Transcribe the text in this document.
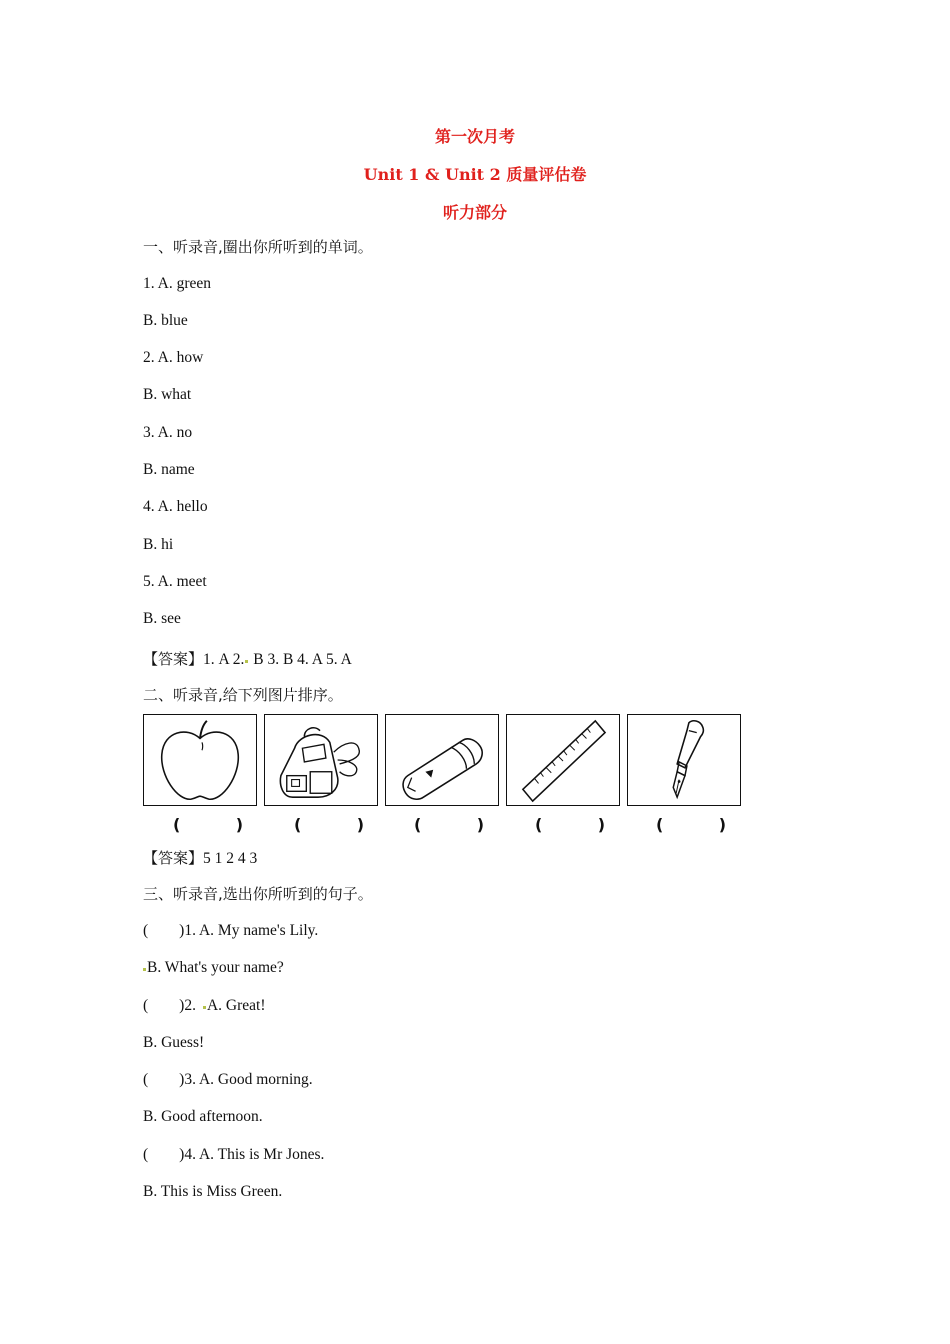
第一次月考
Unit 1 & Unit 2 质量评估卷
听力部分
一、听录音,圈出你所听到的单词。
1. A. green
B. blue
2. A. how
B. what
3. A. no
B. name
4. A. hello
B. hi
5. A. meet
B. see
【答案】1. A 2. B 3. B 4. A 5. A
二、听录音,给下列图片排序。
(	)	(	)	(	)	(	)	(	)
【答案】5 1 2 4 3
三、听录音,选出你所听到的句子。
(        )1. A. My name's Lily.
B. What's your name?
(        )2. A. Great!
B. Guess!
(        )3. A. Good morning.
B. Good afternoon.
(        )4. A. This is Mr Jones.
B. This is Miss Green.
